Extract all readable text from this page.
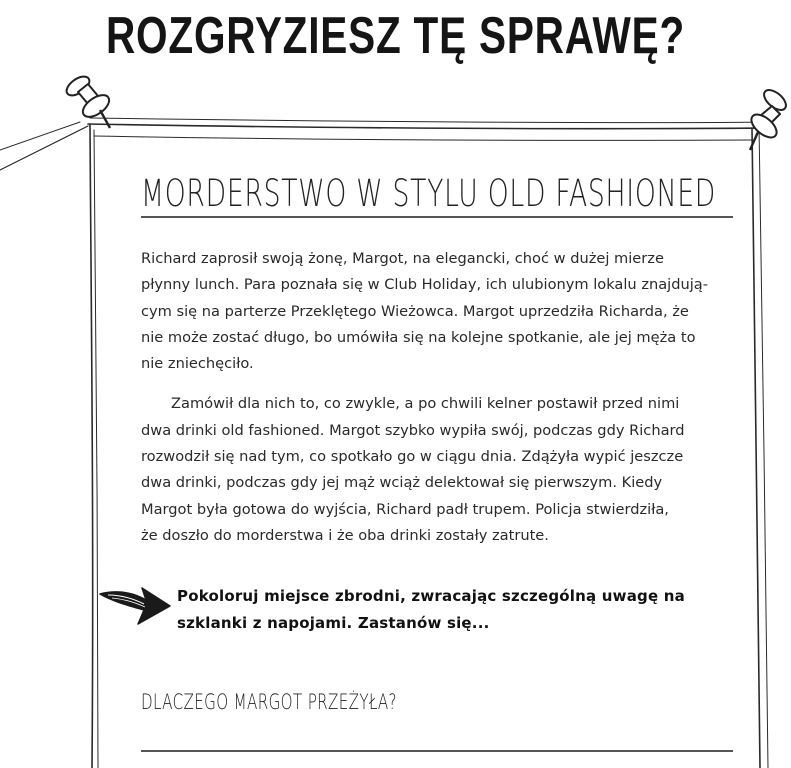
ROZGRYZIESZ TĘ SPRAWĘ?
MORDERSTWO W STYLU OLD FASHIONED

Richard zaprosił swoją żonę, Margot, na elegancki, choć w dużej mierze
płynny lunch. Para poznała się w Club Holiday, ich ulubionym lokalu znajdują-
cym się na parterze Przeklętego Wieżowca. Margot uprzedziła Richarda, że
nie może zostać długo, bo umówiła się na kolejne spotkanie, ale jej męża to
nie zniechęciło.

Zamówił dla nich to, co zwykle, a po chwili kelner postawił przed nimi
dwa drinki old fashioned. Margot szybko wypiła swój, podczas gdy Richard
rozwodził się nad tym, co spotkało go w ciągu dnia. Zdążyła wypić jeszcze
dwa drinki, podczas gdy jej mąż wciąż delektował się pierwszym. Kiedy
Margot była gotowa do wyjścia, Richard padł trupem. Policja stwierdziła,
że doszło do morderstwa i że oba drinki zostały zatrute.

Pokoloruj miejsce zbrodni, zwracając szczególną uwagę na
szklanki z napojami. Zastanów się...

DLACZEGO MARGOT PRZEŻYŁA?
